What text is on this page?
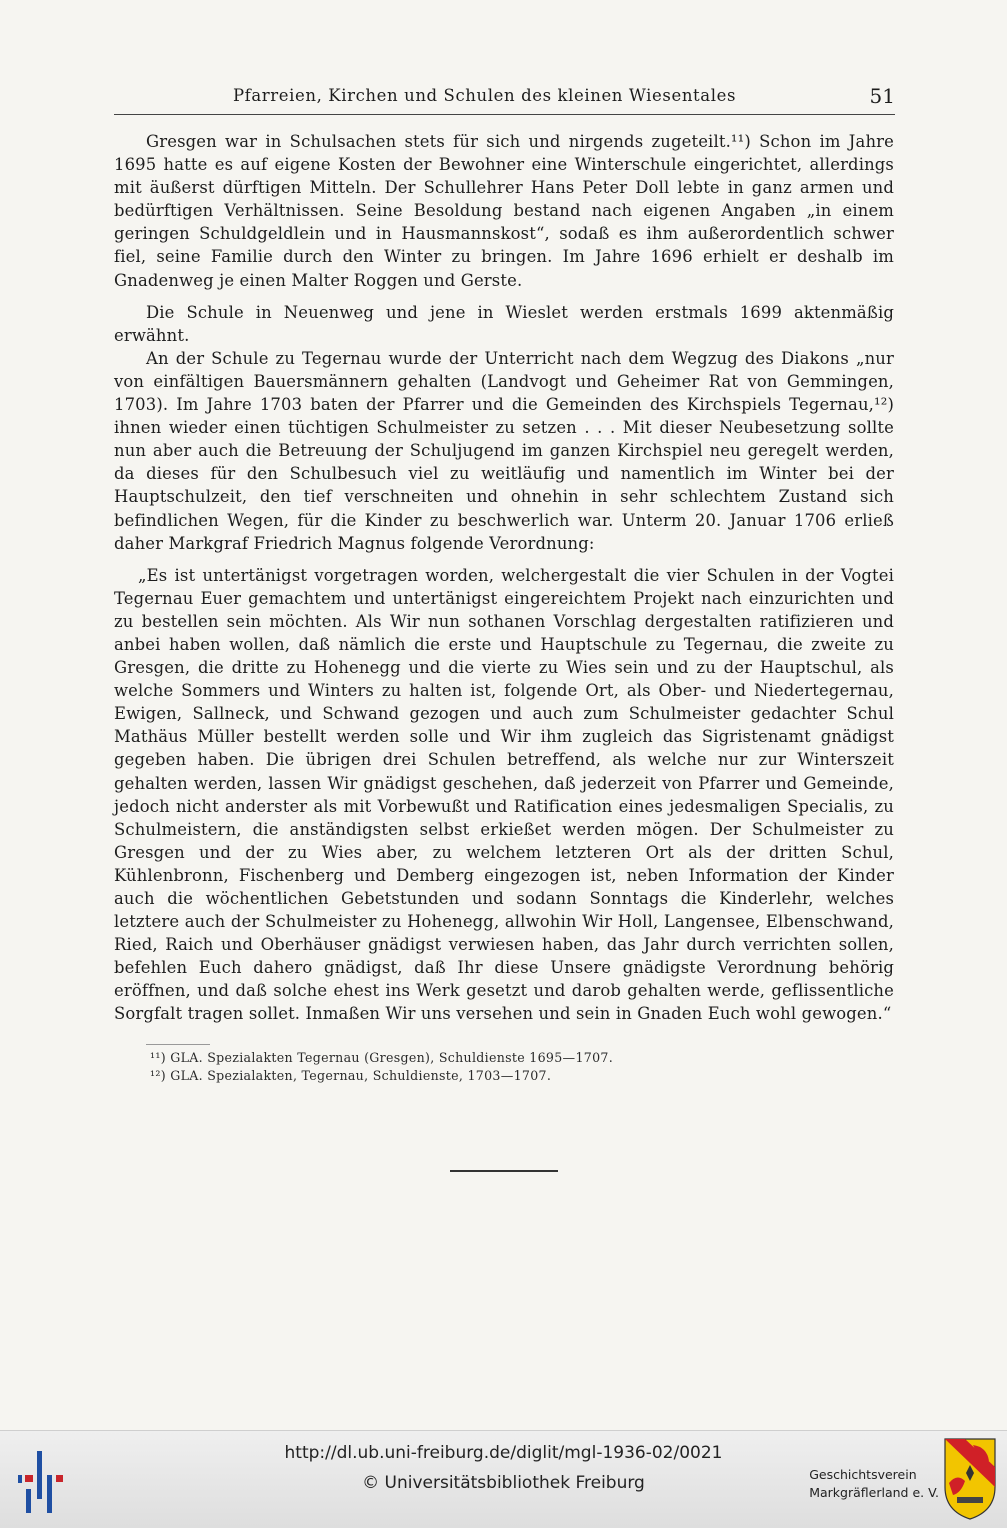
Pfarreien, Kirchen und Schulen des kleinen Wiesentales	51

Gresgen war in Schulsachen stets für sich und nirgends zugeteilt.¹¹) Schon im Jahre 1695 hatte es auf eigene Kosten der Bewohner eine Winterschule eingerichtet, allerdings mit äußerst dürftigen Mitteln. Der Schullehrer Hans Peter Doll lebte in ganz armen und bedürftigen Verhältnissen. Seine Besoldung bestand nach eigenen Angaben „in einem geringen Schuldgeldlein und in Hausmannskost“, sodaß es ihm außerordentlich schwer fiel, seine Familie durch den Winter zu bringen. Im Jahre 1696 erhielt er deshalb im Gnadenweg je einen Malter Roggen und Gerste.

Die Schule in Neuenweg und jene in Wieslet werden erstmals 1699 aktenmäßig erwähnt.

An der Schule zu Tegernau wurde der Unterricht nach dem Wegzug des Diakons „nur von einfältigen Bauersmännern gehalten (Landvogt und Geheimer Rat von Gemmingen, 1703). Im Jahre 1703 baten der Pfarrer und die Gemeinden des Kirchspiels Tegernau,¹²) ihnen wieder einen tüchtigen Schulmeister zu setzen . . . Mit dieser Neubesetzung sollte nun aber auch die Betreuung der Schuljugend im ganzen Kirchspiel neu geregelt werden, da dieses für den Schulbesuch viel zu weitläufig und namentlich im Winter bei der Hauptschulzeit, den tief verschneiten und ohnehin in sehr schlechtem Zustand sich befindlichen Wegen, für die Kinder zu beschwerlich war. Unterm 20. Januar 1706 erließ daher Markgraf Friedrich Magnus folgende Verordnung:

„Es ist untertänigst vorgetragen worden, welchergestalt die vier Schulen in der Vogtei Tegernau Euer gemachtem und untertänigst eingereichtem Projekt nach einzurichten und zu bestellen sein möchten. Als Wir nun sothanen Vorschlag dergestalten ratifizieren und anbei haben wollen, daß nämlich die erste und Hauptschule zu Tegernau, die zweite zu Gresgen, die dritte zu Hohenegg und die vierte zu Wies sein und zu der Hauptschul, als welche Sommers und Winters zu halten ist, folgende Ort, als Ober- und Niedertegernau, Ewigen, Sallneck, und Schwand gezogen und auch zum Schulmeister gedachter Schul Mathäus Müller bestellt werden solle und Wir ihm zugleich das Sigristenamt gnädigst gegeben haben. Die übrigen drei Schulen betreffend, als welche nur zur Winterszeit gehalten werden, lassen Wir gnädigst geschehen, daß jederzeit von Pfarrer und Gemeinde, jedoch nicht anderster als mit Vorbewußt und Ratification eines jedesmaligen Specialis, zu Schulmeistern, die anständigsten selbst erkießet werden mögen. Der Schulmeister zu Gresgen und der zu Wies aber, zu welchem letzteren Ort als der dritten Schul, Kühlenbronn, Fischenberg und Demberg eingezogen ist, neben Information der Kinder auch die wöchentlichen Gebetstunden und sodann Sonntags die Kinderlehr, welches letztere auch der Schulmeister zu Hohenegg, allwohin Wir Holl, Langensee, Elbenschwand, Ried, Raich und Oberhäuser gnädigst verwiesen haben, das Jahr durch verrichten sollen, befehlen Euch dahero gnädigst, daß Ihr diese Unsere gnädigste Verordnung behörig eröffnen, und daß solche ehest ins Werk gesetzt und darob gehalten werde, geflissentliche Sorgfalt tragen sollet. Inmaßen Wir uns versehen und sein in Gnaden Euch wohl gewogen.“

¹¹) GLA. Spezialakten Tegernau (Gresgen), Schuldienste 1695—1707.

¹²) GLA. Spezialakten, Tegernau, Schuldienste, 1703—1707.

http://dl.ub.uni-freiburg.de/diglit/mgl-1936-02/0021
© Universitätsbibliothek Freiburg	Geschichtsverein
Markgräflerland e. V.
